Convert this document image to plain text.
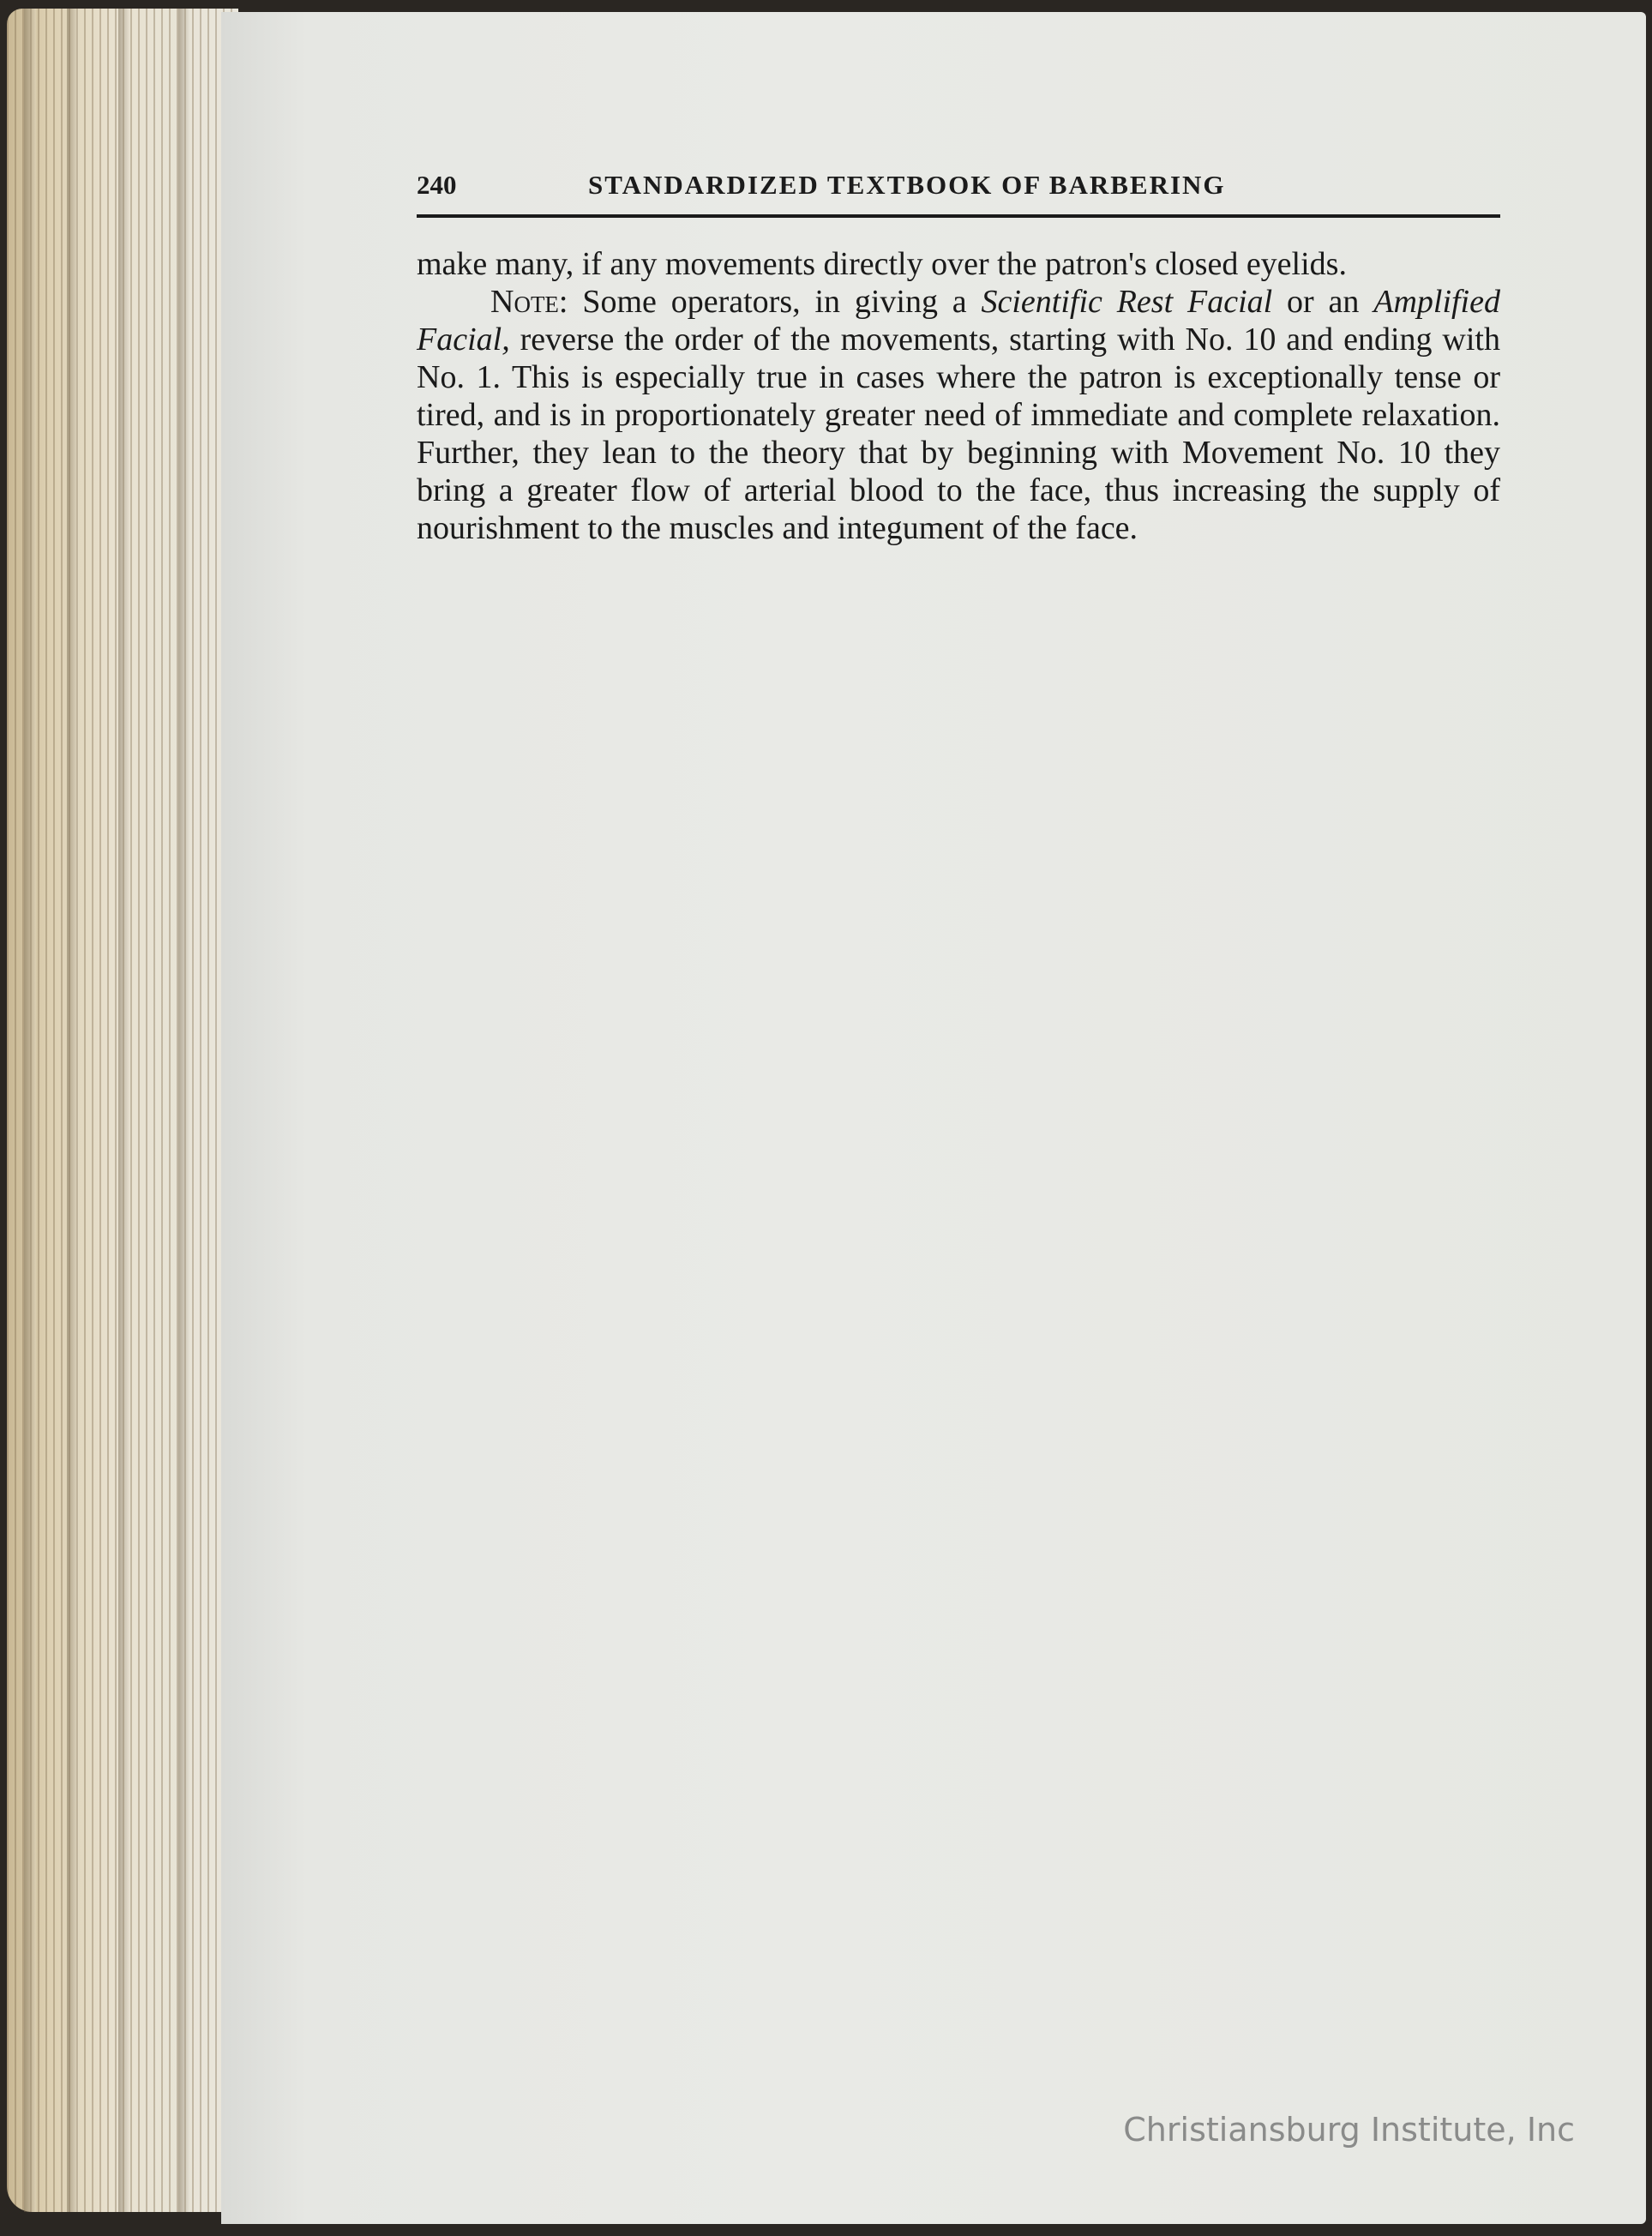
240	STANDARDIZED TEXTBOOK OF BARBERING

make many, if any movements directly over the patron's closed eyelids.

Note: Some operators, in giving a Scientific Rest Facial or an Amplified Facial, reverse the order of the movements, starting with No. 10 and ending with No. 1. This is especially true in cases where the patron is exceptionally tense or tired, and is in proportionately greater need of immediate and complete relaxation. Further, they lean to the theory that by beginning with Movement No. 10 they bring a greater flow of arterial blood to the face, thus increasing the supply of nourishment to the muscles and integument of the face.

Christiansburg Institute, Inc
